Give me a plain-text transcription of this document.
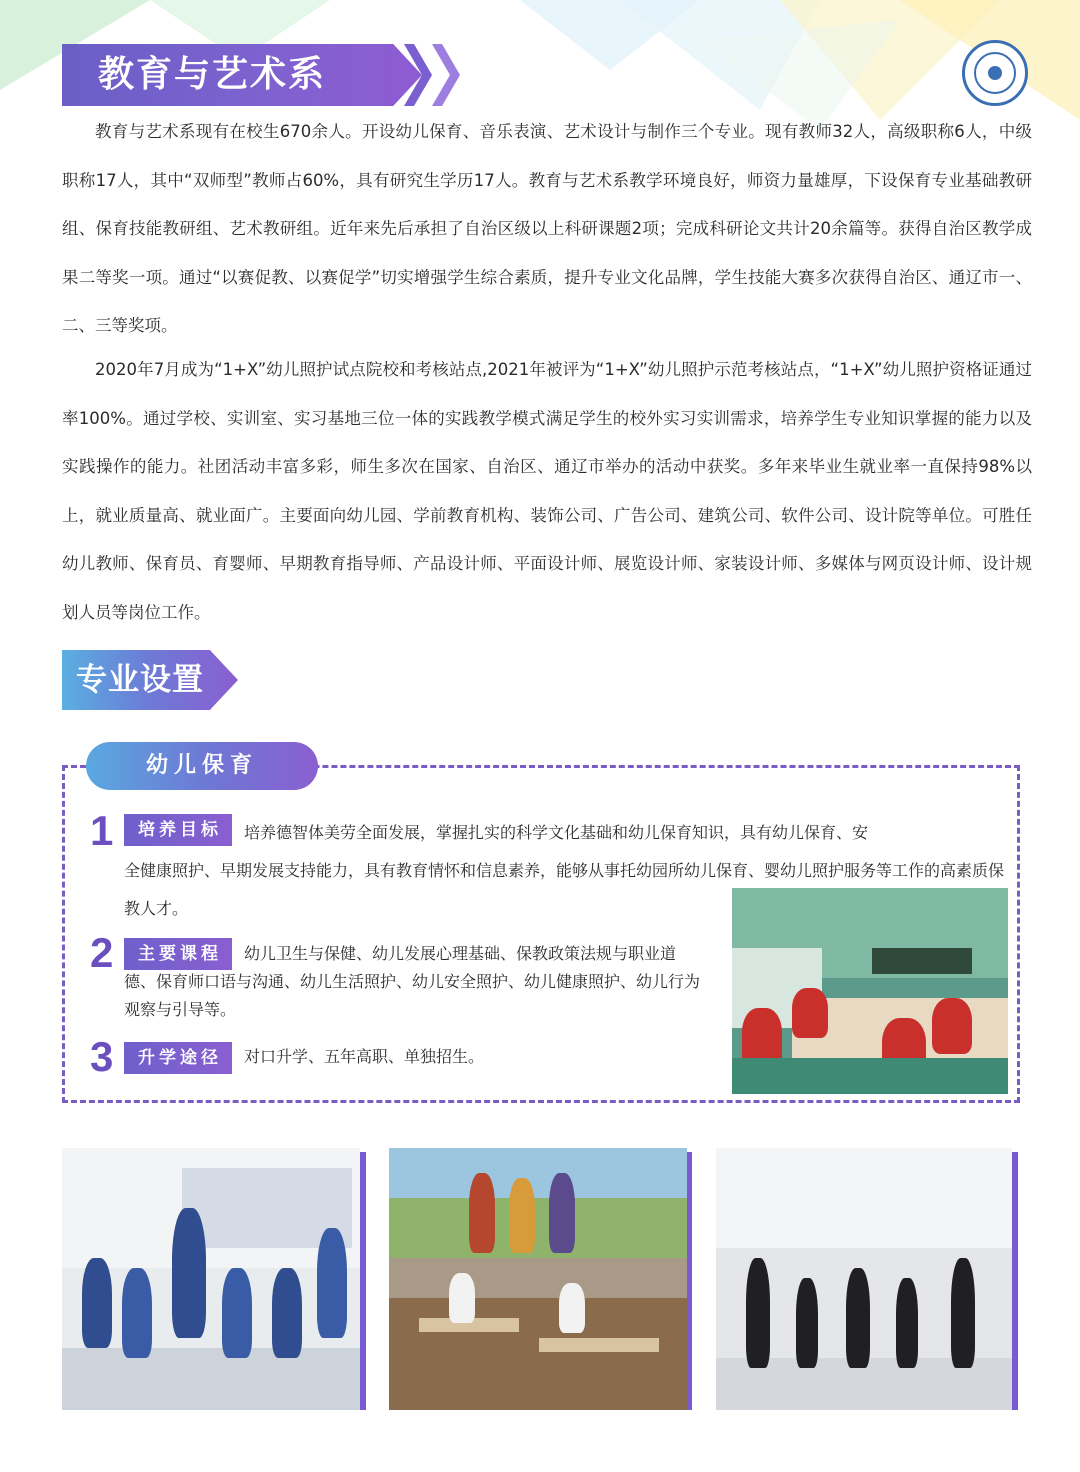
教育与艺术系

教育与艺术系现有在校生670余人。开设幼儿保育、音乐表演、艺术设计与制作三个专业。现有教师32人，高级职称6人，中级职称17人，其中“双师型”教师占60%，具有研究生学历17人。教育与艺术系教学环境良好，师资力量雄厚，下设保育专业基础教研组、保育技能教研组、艺术教研组。近年来先后承担了自治区级以上科研课题2项；完成科研论文共计20余篇等。获得自治区教学成果二等奖一项。通过“以赛促教、以赛促学”切实增强学生综合素质，提升专业文化品牌，学生技能大赛多次获得自治区、通辽市一、二、三等奖项。

2020年7月成为“1+X”幼儿照护试点院校和考核站点,2021年被评为“1+X”幼儿照护示范考核站点，“1+X”幼儿照护资格证通过率100%。通过学校、实训室、实习基地三位一体的实践教学模式满足学生的校外实习实训需求，培养学生专业知识掌握的能力以及实践操作的能力。社团活动丰富多彩，师生多次在国家、自治区、通辽市举办的活动中获奖。多年来毕业生就业率一直保持98%以上，就业质量高、就业面广。主要面向幼儿园、学前教育机构、装饰公司、广告公司、建筑公司、软件公司、设计院等单位。可胜任幼儿教师、保育员、育婴师、早期教育指导师、产品设计师、平面设计师、展览设计师、家装设计师、多媒体与网页设计师、设计规划人员等岗位工作。

专业设置
幼儿保育
1	培养目标	培养德智体美劳全面发展，掌握扎实的科学文化基础和幼儿保育知识，具有幼儿保育、安
全健康照护、早期发展支持能力，具有教育情怀和信息素养，能够从事托幼园所幼儿保育、婴幼儿照护服务等工作的高素质保教人才。

2	主要课程	幼儿卫生与保健、幼儿发展心理基础、保教政策法规与职业道德、保育师口语与沟通、幼儿生活照护、幼儿安全照护、幼儿健康照护、幼儿行为观察与引导等。

3	升学途径	对口升学、五年高职、单独招生。
